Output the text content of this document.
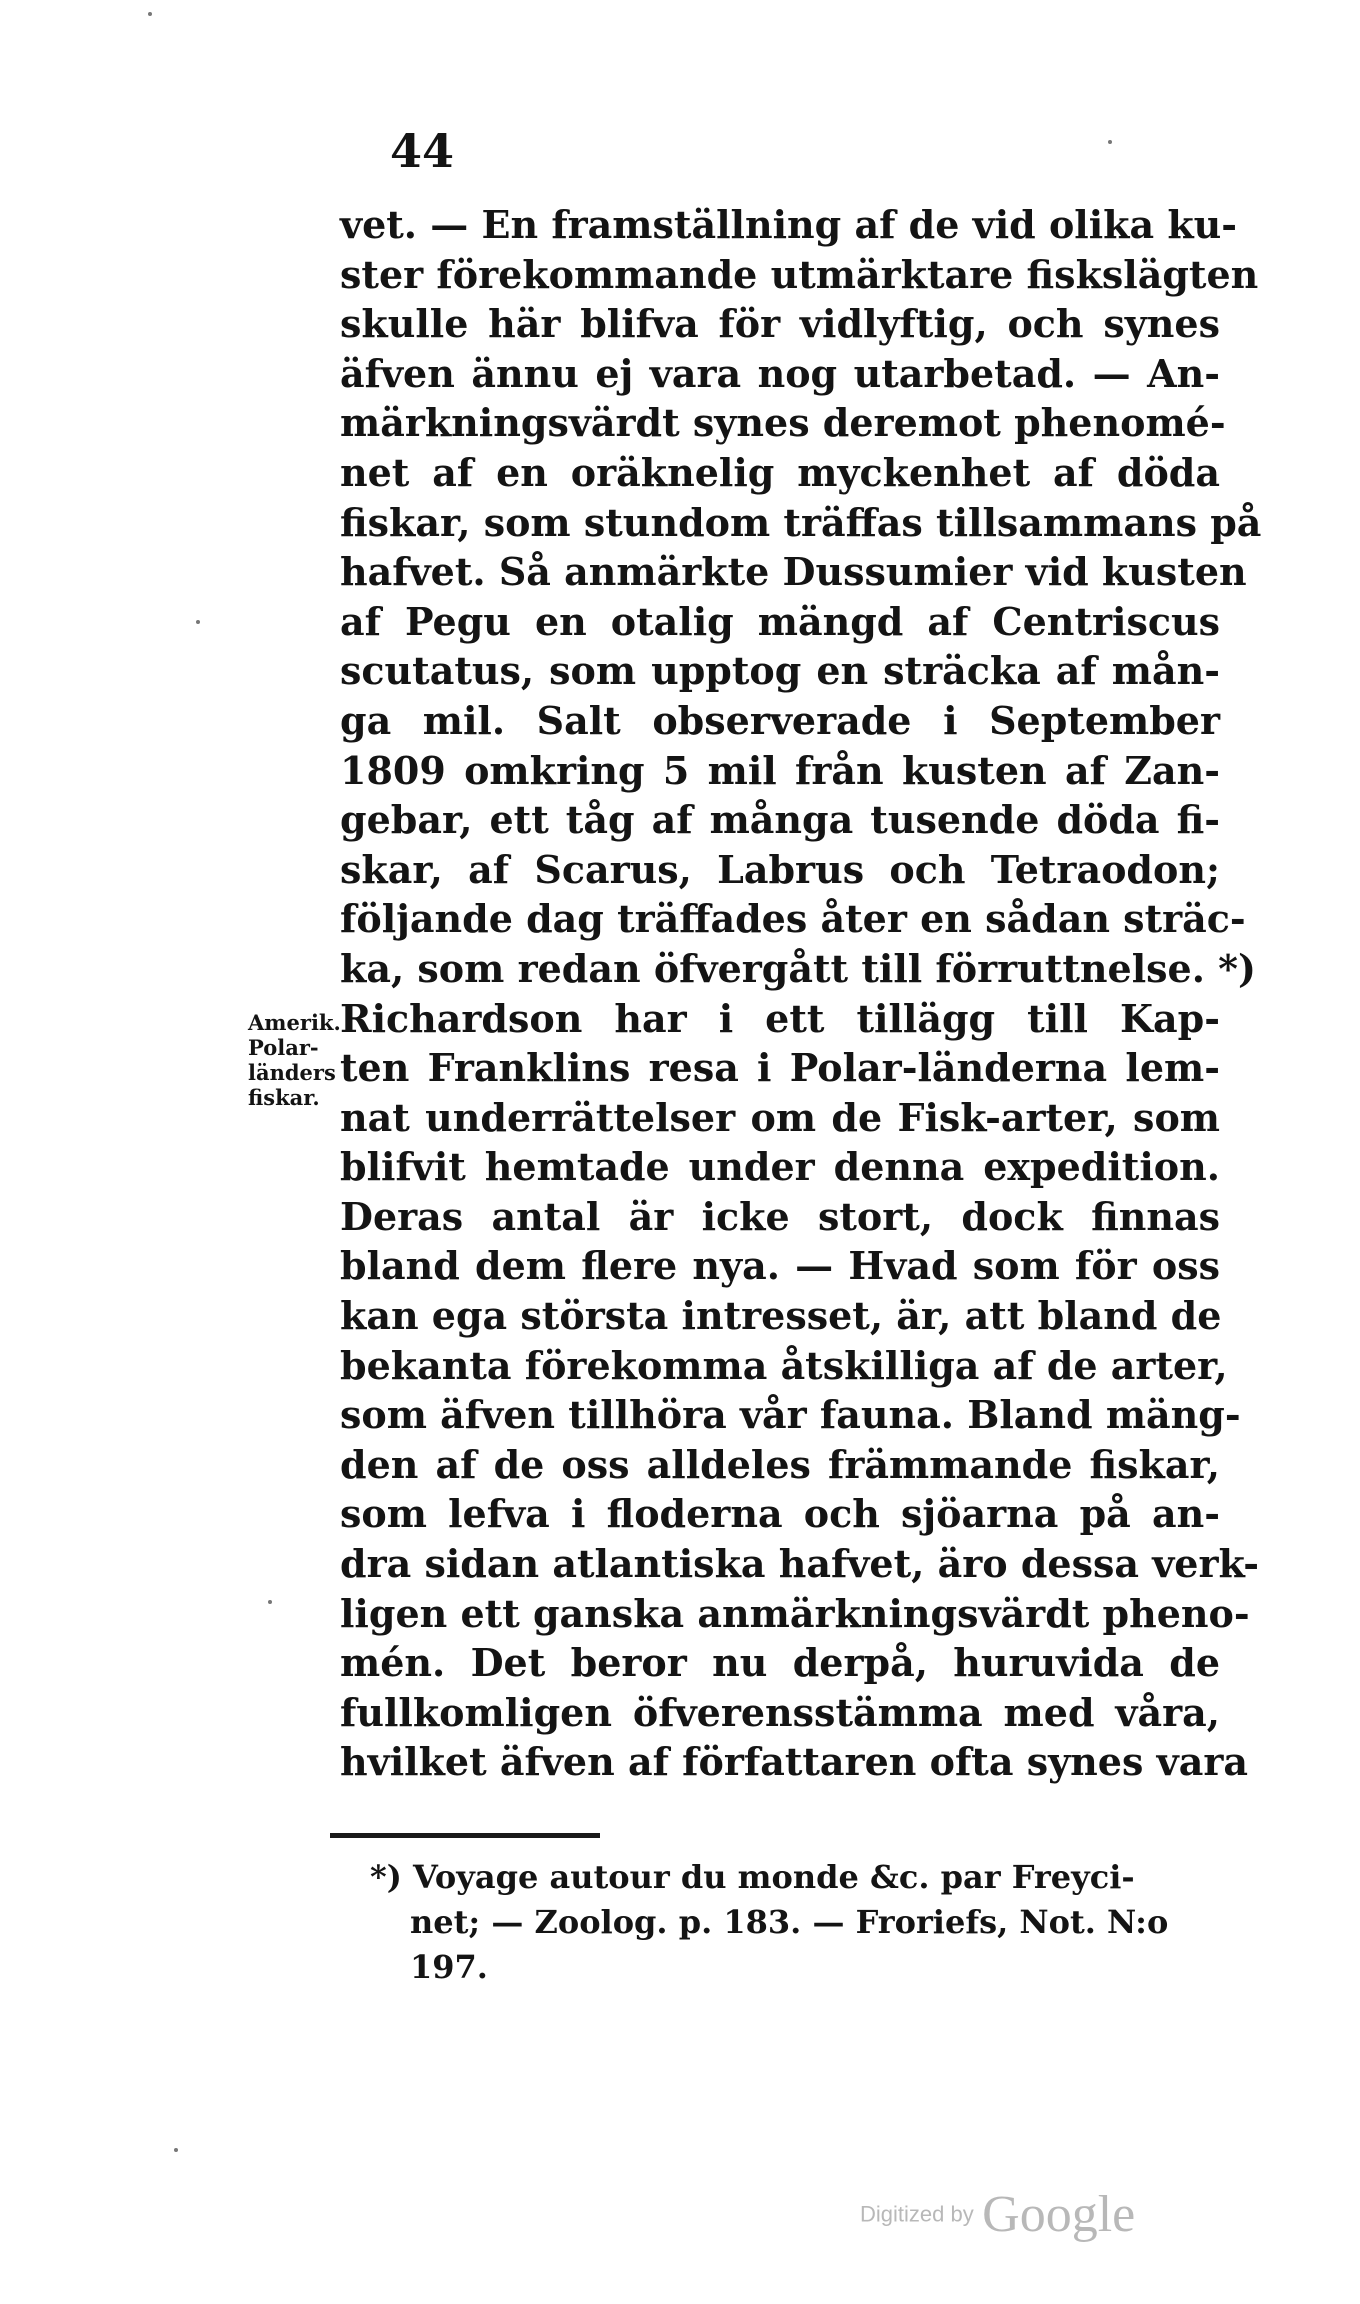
44
vet. — En framställning af de vid olika ku-
ster förekommande utmärktare fiskslägten
skulle här blifva för vidlyftig, och synes
äfven ännu ej vara nog utarbetad. — An-
märkningsvärdt synes deremot phenomé-
net af en oräknelig myckenhet af döda
fiskar, som stundom träffas tillsammans på
hafvet. Så anmärkte Dussumier vid kusten
af Pegu en otalig mängd af Centriscus
scutatus, som upptog en sträcka af mån-
ga mil. Salt observerade i September
1809 omkring 5 mil från kusten af Zan-
gebar, ett tåg af många tusende döda fi-
skar, af Scarus, Labrus och Tetraodon;
följande dag träffades åter en sådan sträc-
ka, som redan öfvergått till förruttnelse. *)
Richardson har i ett tillägg till Kap-
ten Franklins resa i Polar-länderna lem-
nat underrättelser om de Fisk-arter, som
blifvit hemtade under denna expedition.
Deras antal är icke stort, dock finnas
bland dem flere nya. — Hvad som för oss
kan ega största intresset, är, att bland de
bekanta förekomma åtskilliga af de arter,
som äfven tillhöra vår fauna. Bland mäng-
den af de oss alldeles främmande fiskar,
som lefva i floderna och sjöarna på an-
dra sidan atlantiska hafvet, äro dessa verk-
ligen ett ganska anmärkningsvärdt pheno-
mén. Det beror nu derpå, huruvida de
fullkomligen öfverensstämma med våra,
hvilket äfven af författaren ofta synes vara
Amerik.
Polar-
länders
fiskar.
*) Voyage autour du monde &c. par Freyci-
net; — Zoolog. p. 183. — Froriefs, Not. N:o
197.
Digitized by Google
